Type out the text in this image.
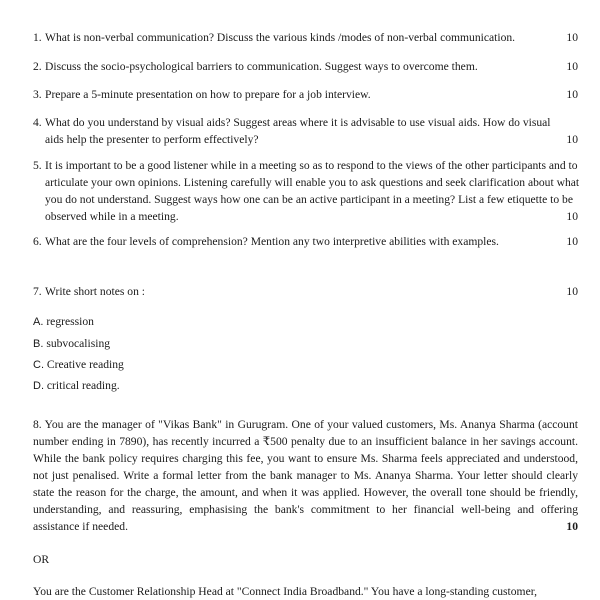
1. What is non-verbal communication? Discuss the various kinds /modes of non-verbal communication.	10
2. Discuss the socio-psychological barriers to communication. Suggest ways to overcome them.	10
3. Prepare a 5-minute presentation on how to prepare for a job interview.	10
4. What do you understand by visual aids? Suggest areas where it is advisable to use visual aids. How do visual aids help the presenter to perform effectively?	10
5. It is important to be a good listener while in a meeting so as to respond to the views of the other participants and to articulate your own opinions. Listening carefully will enable you to ask questions and seek clarification about what you do not understand. Suggest ways how one can be an active participant in a meeting? List a few etiquette to be observed while in a meeting.	10
6. What are the four levels of comprehension? Mention any two interpretive abilities with examples.	10
7. Write short notes on :	10
A. regression
B. subvocalising
C. Creative reading
D. critical reading.
8. You are the manager of "Vikas Bank" in Gurugram. One of your valued customers, Ms. Ananya Sharma (account number ending in 7890), has recently incurred a ₹500 penalty due to an insufficient balance in her savings account. While the bank policy requires charging this fee, you want to ensure Ms. Sharma feels appreciated and understood, not just penalised. Write a formal letter from the bank manager to Ms. Ananya Sharma. Your letter should clearly state the reason for the charge, the amount, and when it was applied. However, the overall tone should be friendly, understanding, and reassuring, emphasising the bank's commitment to her financial well-being and offering assistance if needed.	10
OR
You are the Customer Relationship Head at "Connect India Broadband." You have a long-standing customer,
